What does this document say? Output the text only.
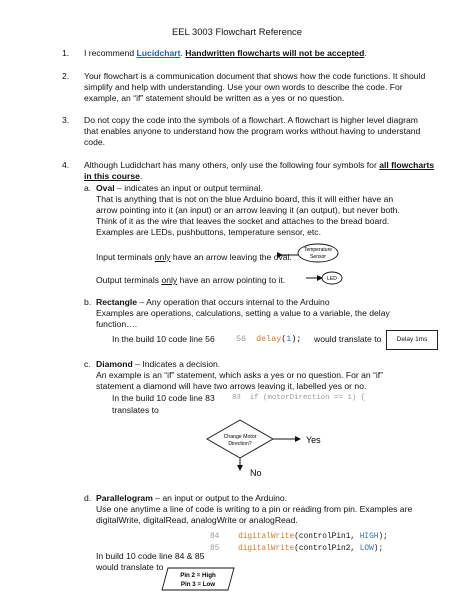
EEL 3003 Flowchart Reference
1. I recommend Lucidchart. Handwritten flowcharts will not be accepted.
2. Your flowchart is a communication document that shows how the code functions. It should
simplify and help with understanding. Use your own words to describe the code. For
example, an “if” statement should be written as a yes or no question.
3. Do not copy the code into the symbols of a flowchart. A flowchart is higher level diagram
that enables anyone to understand how the program works without having to understand
code.
4. Although Ludidchart has many others, only use the following four symbols for all flowcharts
in this course.
a. Oval – indicates an input or output terminal.
That is anything that is not on the blue Arduino board, this it will either have an
arrow pointing into it (an input) or an arrow leaving it (an output), but never both.
Think of it as the wire that leaves the socket and attaches to the bread board.
Examples are LEDs, pushbuttons, temperature sensor, etc.
Input terminals only have an arrow leaving the oval.
Output terminals only have an arrow pointing to it.
Temperature
Sensor
LED
b. Rectangle – Any operation that occurs internal to the Arduino
Examples are operations, calculations, setting a value to a variable, the delay
function….
In the build 10 code line 56	56 delay(1); would translate to	Delay 1ms
c. Diamond – Indicates a decision.
An example is an “if” statement, which asks a yes or no question. For an “if”
statement a diamond will have two arrows leaving it, labelled yes or no.
In the build 10 code line 83 83 if (motorDirection == 1) {
translates to
Change Motor
Direction?	Yes
No
d. Parallelogram – an input or output to the Arduino.
Use one anytime a line of code is writing to a pin or reading from pin. Examples are
digitalWrite, digitalRead, analogWrite or analogRead.
84 digitalWrite(controlPin1, HIGH);
85 digitalWrite(controlPin2, LOW);
In build 10 code line 84 & 85
would translate to
Pin 2 = High
Pin 3 = Low
